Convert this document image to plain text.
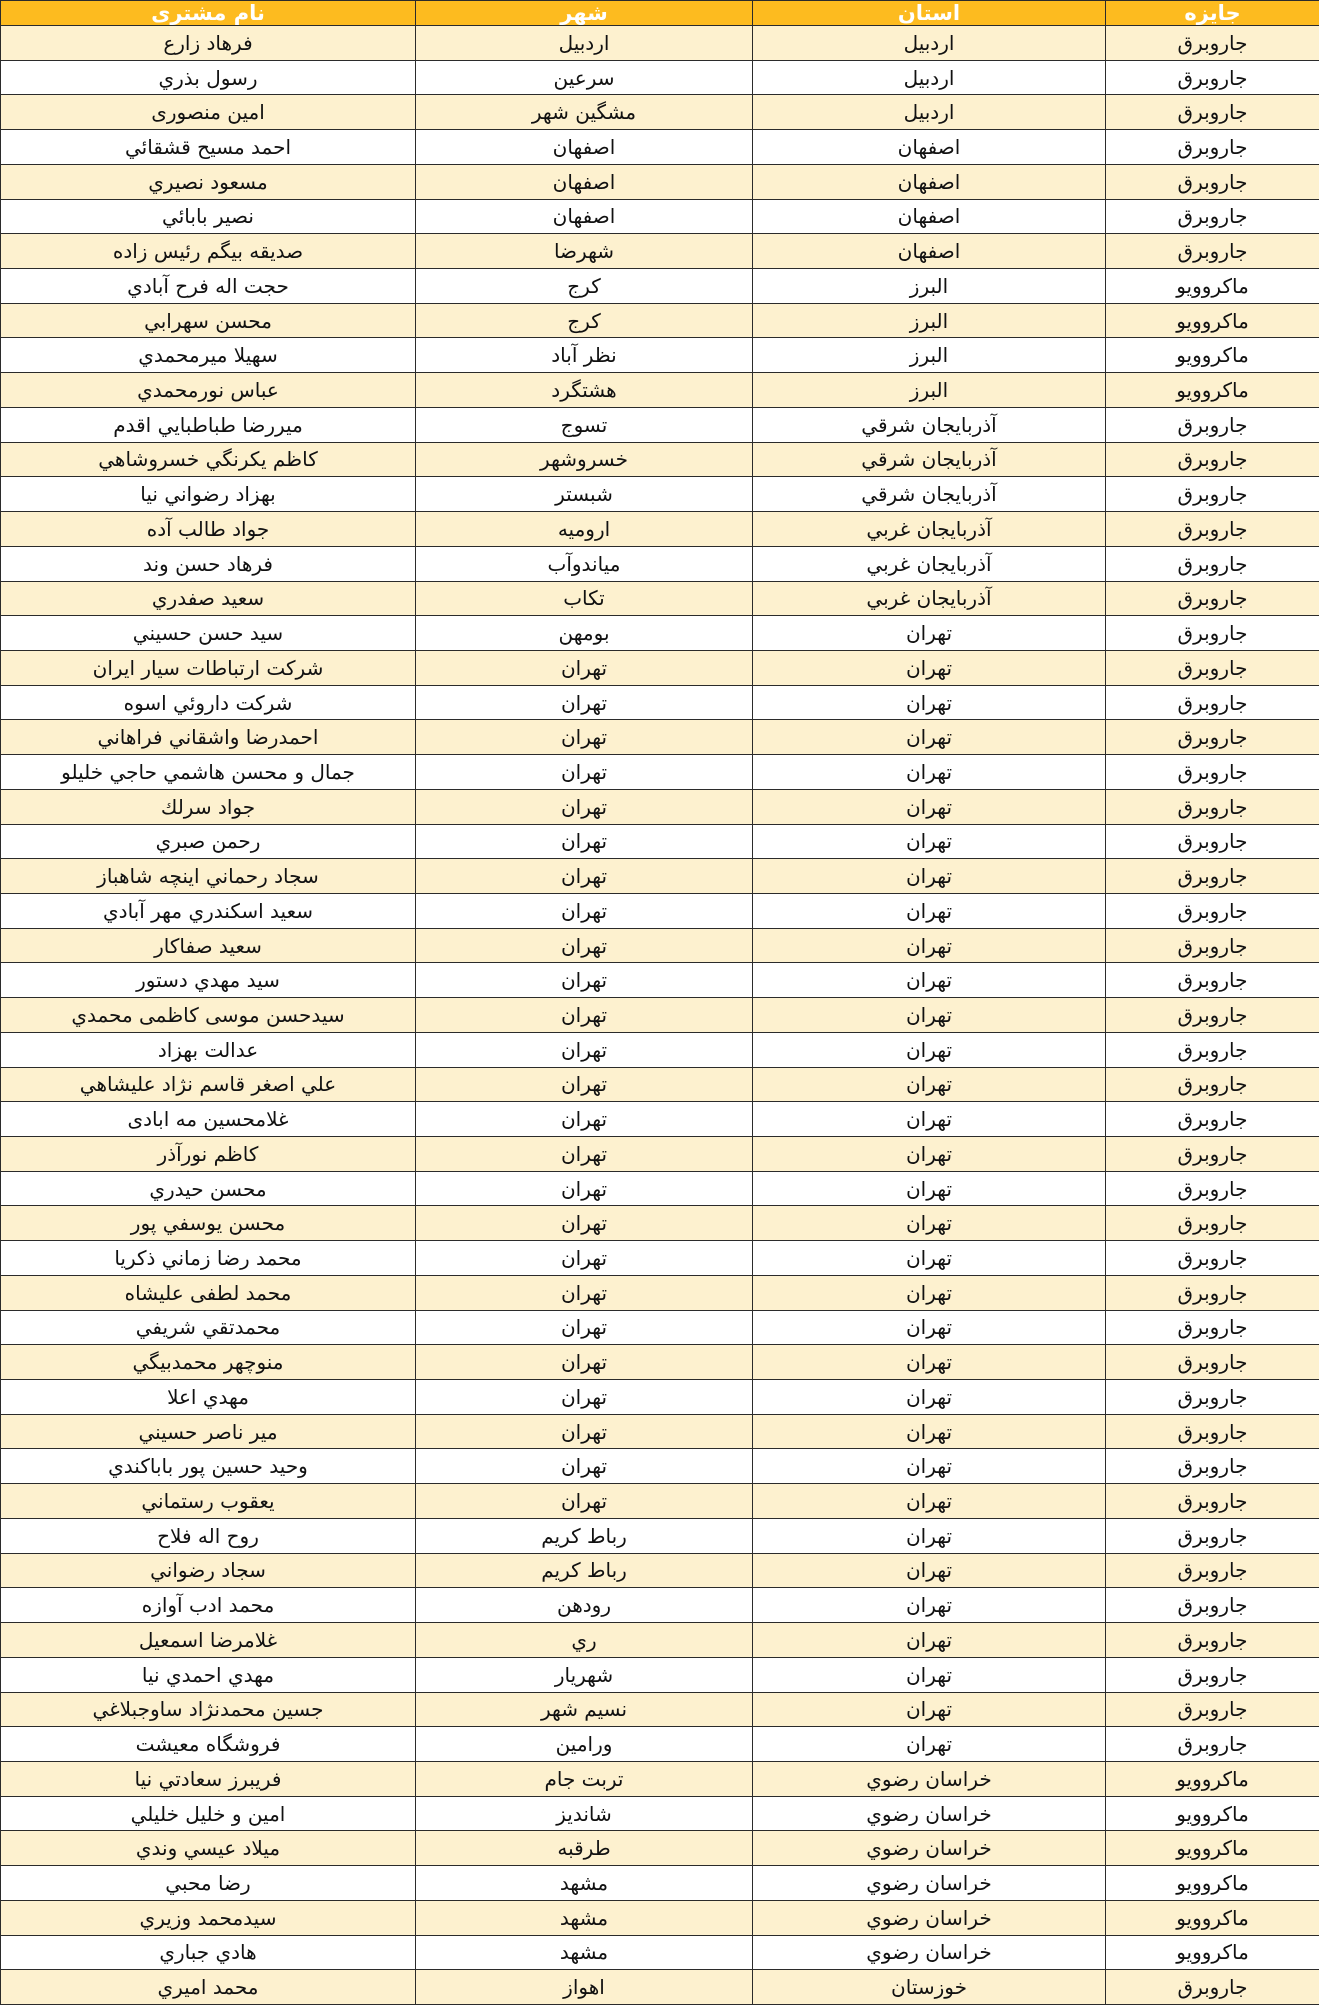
جایزه	استان	شهر	نام مشتری
جاروبرق	اردبيل	اردبيل	فرهاد زارع
جاروبرق	اردبيل	سرعين	رسول بذري
جاروبرق	اردبيل	مشگين شهر	امين منصوری
جاروبرق	اصفهان	اصفهان	احمد مسيح قشقائي
جاروبرق	اصفهان	اصفهان	مسعود نصيري
جاروبرق	اصفهان	اصفهان	نصير بابائي
جاروبرق	اصفهان	شهرضا	صديقه بيگم رئيس زاده
ماكروويو	البرز	كرج	حجت اله فرح آبادي
ماكروويو	البرز	كرج	محسن سهرابي
ماكروويو	البرز	نظر آباد	سهيلا ميرمحمدي
ماكروويو	البرز	هشتگرد	عباس نورمحمدي
جاروبرق	آذربايجان شرقي	تسوج	ميررضا طباطبايي اقدم
جاروبرق	آذربايجان شرقي	خسروشهر	كاظم يكرنگي خسروشاهي
جاروبرق	آذربايجان شرقي	شبستر	بهزاد رضواني نيا
جاروبرق	آذربايجان غربي	اروميه	جواد طالب آده
جاروبرق	آذربايجان غربي	مياندوآب	فرهاد حسن وند
جاروبرق	آذربايجان غربي	تكاب	سعيد صفدري
جاروبرق	تهران	بومهن	سيد حسن حسيني
جاروبرق	تهران	تهران	شركت ارتباطات سيار ايران
جاروبرق	تهران	تهران	شركت داروئي اسوه
جاروبرق	تهران	تهران	احمدرضا واشقاني فراهاني
جاروبرق	تهران	تهران	جمال و محسن هاشمي حاجي خليلو
جاروبرق	تهران	تهران	جواد سرلك
جاروبرق	تهران	تهران	رحمن صبري
جاروبرق	تهران	تهران	سجاد رحماني اينچه شاهباز
جاروبرق	تهران	تهران	سعيد اسكندري مهر آبادي
جاروبرق	تهران	تهران	سعيد صفاكار
جاروبرق	تهران	تهران	سيد مهدي دستور
جاروبرق	تهران	تهران	سيدحسن موسى كاظمى محمدي
جاروبرق	تهران	تهران	عدالت بهزاد
جاروبرق	تهران	تهران	علي اصغر قاسم نژاد عليشاهي
جاروبرق	تهران	تهران	غلامحسين مه ابادی
جاروبرق	تهران	تهران	كاظم نورآذر
جاروبرق	تهران	تهران	محسن حيدري
جاروبرق	تهران	تهران	محسن يوسفي پور
جاروبرق	تهران	تهران	محمد رضا زماني ذكريا
جاروبرق	تهران	تهران	محمد لطفى عليشاه
جاروبرق	تهران	تهران	محمدتقي شريفي
جاروبرق	تهران	تهران	منوچهر محمدبيگي
جاروبرق	تهران	تهران	مهدي اعلا
جاروبرق	تهران	تهران	مير ناصر حسيني
جاروبرق	تهران	تهران	وحيد حسين پور باباكندي
جاروبرق	تهران	تهران	يعقوب رستماني
جاروبرق	تهران	رباط كريم	روح اله فلاح
جاروبرق	تهران	رباط كريم	سجاد رضواني
جاروبرق	تهران	رودهن	محمد ادب آوازه
جاروبرق	تهران	ري	غلامرضا اسمعيل
جاروبرق	تهران	شهريار	مهدي احمدي نيا
جاروبرق	تهران	نسيم شهر	جسين محمدنژاد ساوجبلاغي
جاروبرق	تهران	ورامين	فروشگاه معيشت
ماكروويو	خراسان رضوي	تربت جام	فريبرز سعادتي نيا
ماكروويو	خراسان رضوي	شانديز	امين و خليل خليلي
ماكروويو	خراسان رضوي	طرقبه	ميلاد عيسي وندي
ماكروويو	خراسان رضوي	مشهد	رضا محبي
ماكروويو	خراسان رضوي	مشهد	سيدمحمد وزيري
ماكروويو	خراسان رضوي	مشهد	هادي جباري
جاروبرق	خوزستان	اهواز	محمد اميري
